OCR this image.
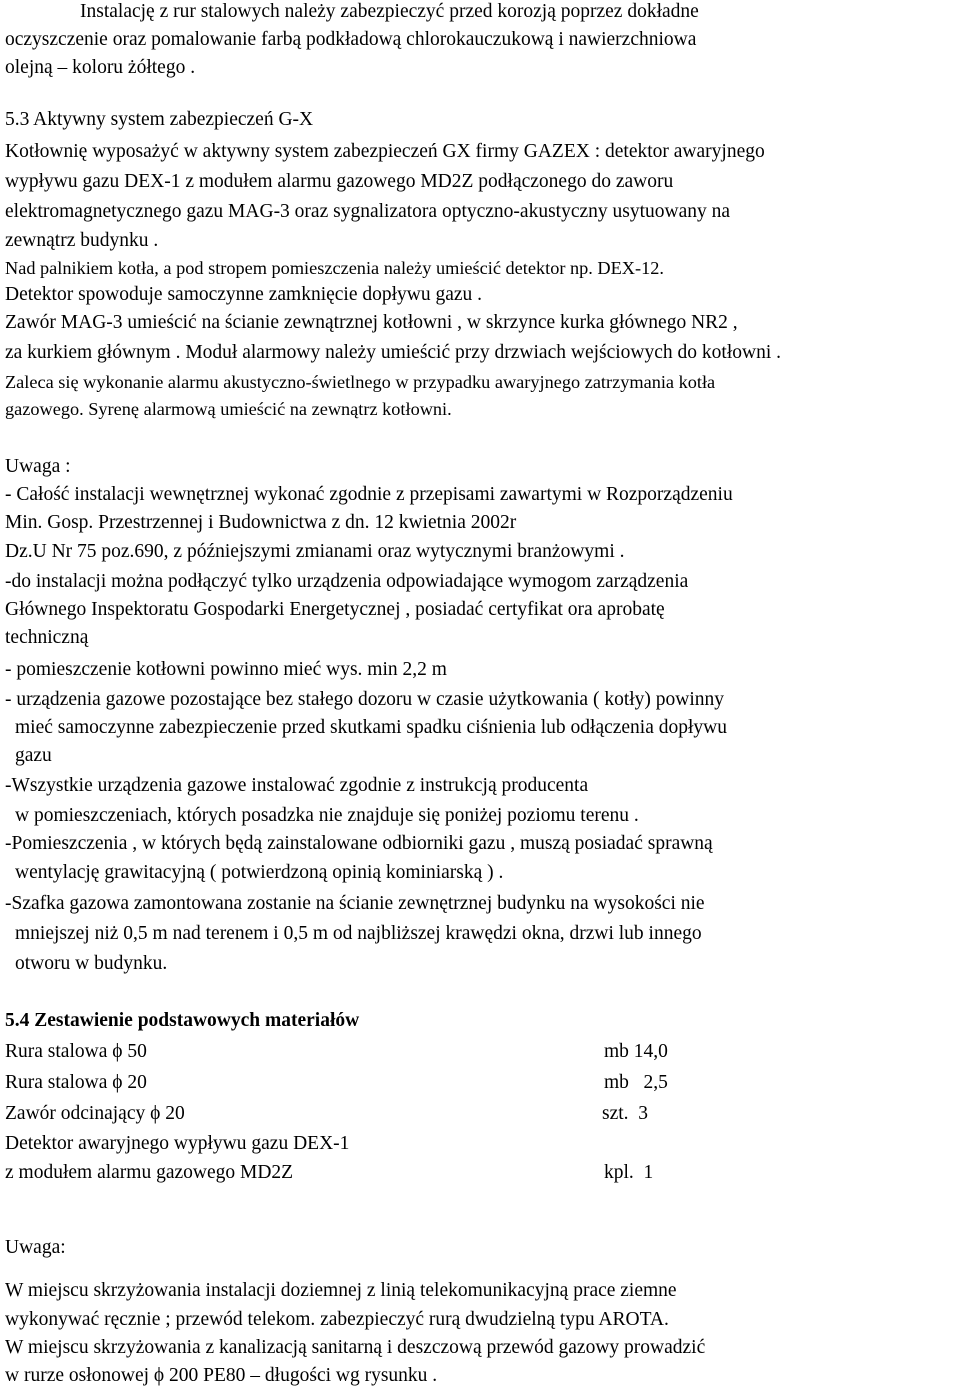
Instalację z rur stalowych należy zabezpieczyć przed korozją poprzez dokładne
oczyszczenie oraz pomalowanie farbą podkładową chlorokauczukową i nawierzchniowa
olejną – koloru żółtego .
5.3 Aktywny system zabezpieczeń G-X
Kotłownię wyposażyć w aktywny system zabezpieczeń GX firmy GAZEX : detektor awaryjnego
wypływu gazu DEX-1 z modułem alarmu gazowego MD2Z podłączonego do zaworu
elektromagnetycznego gazu MAG-3 oraz sygnalizatora optyczno-akustyczny usytuowany na
zewnątrz budynku .
Nad palnikiem kotła, a pod stropem pomieszczenia należy umieścić detektor np. DEX-12.
Detektor spowoduje samoczynne zamknięcie dopływu gazu .
Zawór MAG-3 umieścić na ścianie zewnątrznej kotłowni , w skrzynce kurka głównego NR2 ,
za kurkiem głównym . Moduł alarmowy należy umieścić przy drzwiach wejściowych do kotłowni .
Zaleca się wykonanie alarmu akustyczno-świetlnego w przypadku awaryjnego zatrzymania kotła
gazowego. Syrenę alarmową umieścić na zewnątrz kotłowni.
Uwaga :
- Całość instalacji wewnętrznej wykonać zgodnie z przepisami zawartymi w Rozporządzeniu
Min. Gosp. Przestrzennej i Budownictwa z dn. 12 kwietnia 2002r
Dz.U Nr 75 poz.690, z późniejszymi zmianami oraz wytycznymi branżowymi .
-do instalacji można podłączyć tylko urządzenia odpowiadające wymogom zarządzenia
Głównego Inspektoratu Gospodarki Energetycznej , posiadać certyfikat ora aprobatę
techniczną
- pomieszczenie kotłowni powinno mieć wys. min 2,2 m
- urządzenia gazowe pozostające bez stałego dozoru w czasie użytkowania ( kotły) powinny
mieć samoczynne zabezpieczenie przed skutkami spadku ciśnienia lub odłączenia dopływu
gazu
-Wszystkie urządzenia gazowe instalować zgodnie z instrukcją producenta
w pomieszczeniach, których posadzka nie znajduje się poniżej poziomu terenu .
-Pomieszczenia , w których będą zainstalowane odbiorniki gazu , muszą posiadać sprawną
wentylację grawitacyjną ( potwierdzoną opinią kominiarską ) .
-Szafka gazowa zamontowana zostanie na ścianie zewnętrznej budynku na wysokości nie
mniejszej niż 0,5 m nad terenem i 0,5 m od najbliższej krawędzi okna, drzwi lub innego
otworu w budynku.
5.4 Zestawienie podstawowych materiałów
Rura stalowa ϕ 50	mb 14,0
Rura stalowa ϕ 20	mb   2,5
Zawór odcinający ϕ 20	szt.  3
Detektor awaryjnego wypływu gazu DEX-1
z modułem alarmu gazowego MD2Z	kpl.  1
Uwaga:
W miejscu skrzyżowania instalacji doziemnej z linią telekomunikacyjną prace ziemne
wykonywać ręcznie ; przewód telekom. zabezpieczyć rurą dwudzielną typu AROTA.
W miejscu skrzyżowania z kanalizacją sanitarną i deszczową przewód gazowy prowadzić
w rurze osłonowej ϕ 200 PE80 – długości wg rysunku .
